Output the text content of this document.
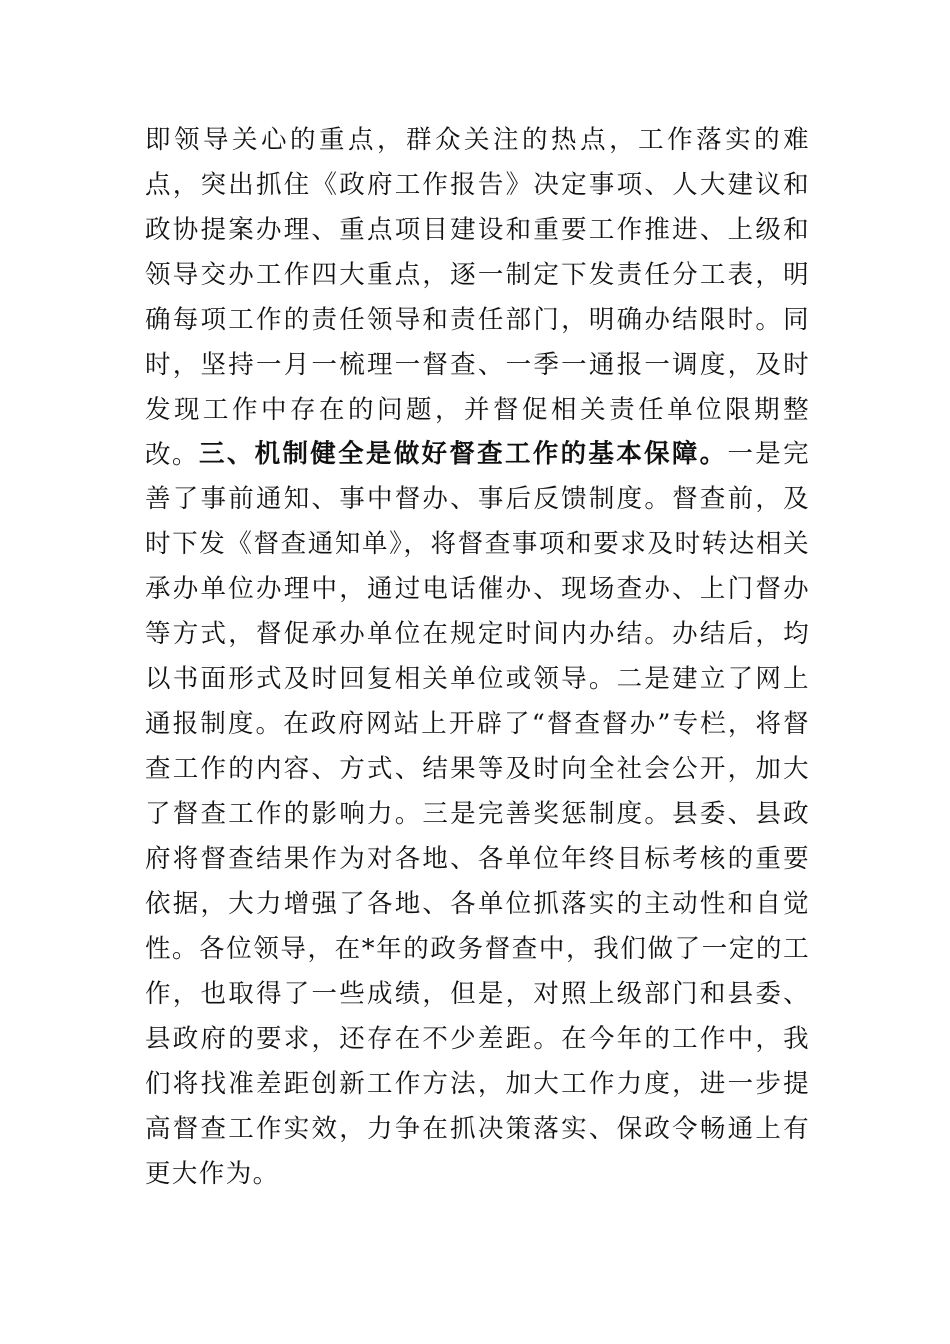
即领导关心的重点，群众关注的热点，工作落实的难点，突出抓住《政府工作报告》决定事项、人大建议和政协提案办理、重点项目建设和重要工作推进、上级和领导交办工作四大重点，逐一制定下发责任分工表，明确每项工作的责任领导和责任部门，明确办结限时。同时，坚持一月一梳理一督查、一季一通报一调度，及时发现工作中存在的问题，并督促相关责任单位限期整改。 三、机制健全是做好督查工作的基本保障。一是完善了事前通知、事中督办、事后反馈制度。督查前，及时下发《督查通知单》，将督查事项和要求及时转达相关承办单位办理中，通过电话催办、现场查办、上门督办等方式，督促承办单位在规定时间内办结。办结后，均以书面形式及时回复相关单位或领导。二是建立了网上通报制度。在政府网站上开辟了“督查督办”专栏，将督查工作的内容、方式、结果等及时向全社会公开，加大了督查工作的影响力。三是完善奖惩制度。县委、县政府将督查结果作为对各地、各单位年终目标考核的重要依据，大力增强了各地、各单位抓落实的主动性和自觉性。 各位领导，在*年的政务督查中，我们做了一定的工作，也取得了一些成绩，但是，对照上级部门和县委、县政府的要求，还存在不少差距。在今年的工作中，我们将找准差距创新工作方法，加大工作力度，进一步提高督查工作实效，力争在抓决策落实、保政令畅通上有更大作为。
